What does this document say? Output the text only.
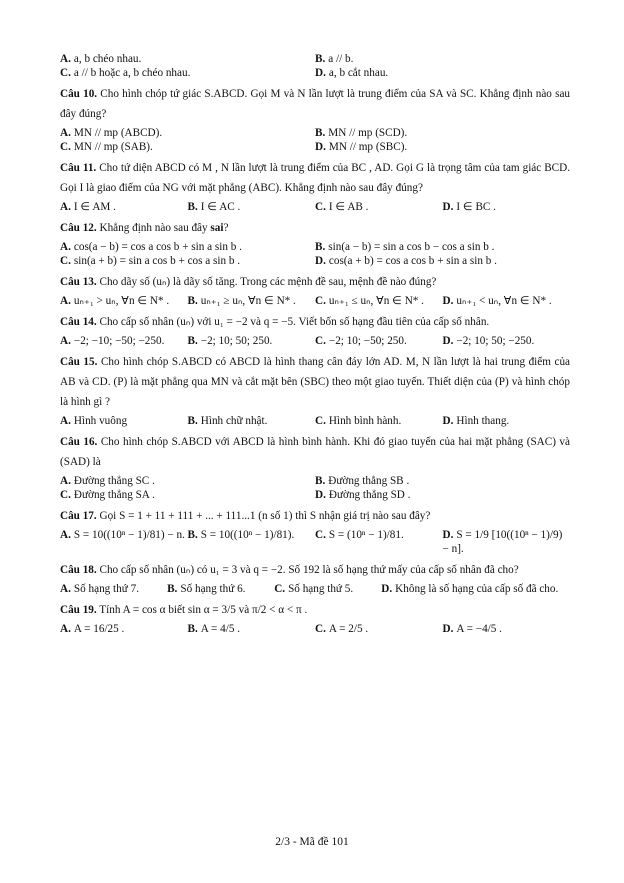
A. a, b chéo nhau.	B. a // b.
C. a // b hoặc a, b chéo nhau.	D. a, b cắt nhau.
Câu 10. Cho hình chóp tứ giác S.ABCD. Gọi M và N lần lượt là trung điểm của SA và SC. Khẳng định nào sau đây đúng?
A. MN // mp (ABCD).	B. MN // mp (SCD).
C. MN // mp (SAB).	D. MN // mp (SBC).
Câu 11. Cho tứ diện ABCD có M , N lần lượt là trung điểm của BC , AD. Gọi G là trọng tâm của tam giác BCD. Gọi I là giao điểm của NG với mặt phẳng (ABC). Khẳng định nào sau đây đúng?
A. I ∈ AM .	B. I ∈ AC .	C. I ∈ AB .	D. I ∈ BC .
Câu 12. Khẳng định nào sau đây sai?
A. cos(a − b) = cos a cos b + sin a sin b .	B. sin(a − b) = sin a cos b − cos a sin b .
C. sin(a + b) = sin a cos b + cos a sin b .	D. cos(a + b) = cos a cos b + sin a sin b .
Câu 13. Cho dãy số (uₙ) là dãy số tăng. Trong các mệnh đề sau, mệnh đề nào đúng?
A. uₙ₊₁ > uₙ, ∀n ∈ N* .	B. uₙ₊₁ ≥ uₙ, ∀n ∈ N* .	C. uₙ₊₁ ≤ uₙ, ∀n ∈ N* .	D. uₙ₊₁ < uₙ, ∀n ∈ N* .
Câu 14. Cho cấp số nhân (uₙ) với u₁ = −2 và q = −5. Viết bốn số hạng đầu tiên của cấp số nhân.
A. −2; −10; −50; −250.	B. −2; 10; 50; 250.	C. −2; 10; −50; 250.	D. −2; 10; 50; −250.
Câu 15. Cho hình chóp S.ABCD có ABCD là hình thang cân đáy lớn AD. M, N lần lượt là hai trung điểm của AB và CD. (P) là mặt phẳng qua MN và cắt mặt bên (SBC) theo một giao tuyến. Thiết diện của (P) và hình chóp là hình gì ?
A. Hình vuông	B. Hình chữ nhật.	C. Hình bình hành.	D. Hình thang.
Câu 16. Cho hình chóp S.ABCD với ABCD là hình bình hành. Khi đó giao tuyến của hai mặt phẳng (SAC) và (SAD) là
A. Đường thẳng SC .	B. Đường thẳng SB .
C. Đường thẳng SA .	D. Đường thẳng SD .
Câu 17. Gọi S = 1 + 11 + 111 + ... + 111...1 (n số 1) thì S nhận giá trị nào sau đây?
A. S = 10((10ⁿ − 1)/81) − n. B. S = 10((10ⁿ − 1)/81).	C. S = (10ⁿ − 1)/81.	D. S = 1/9 [10((10ⁿ − 1)/9) − n].
Câu 18. Cho cấp số nhân (uₙ) có u₁ = 3 và q = −2. Số 192 là số hạng thứ mấy của cấp số nhân đã cho?
A. Số hạng thứ 7.	B. Số hạng thứ 6.	C. Số hạng thứ 5.	D. Không là số hạng của cấp số đã cho.
Câu 19. Tính A = cos α biết sin α = 3/5 và π/2 < α < π .
A. A = 16/25 .	B. A = 4/5 .	C. A = 2/5 .	D. A = −4/5 .
2/3 - Mã đề 101
